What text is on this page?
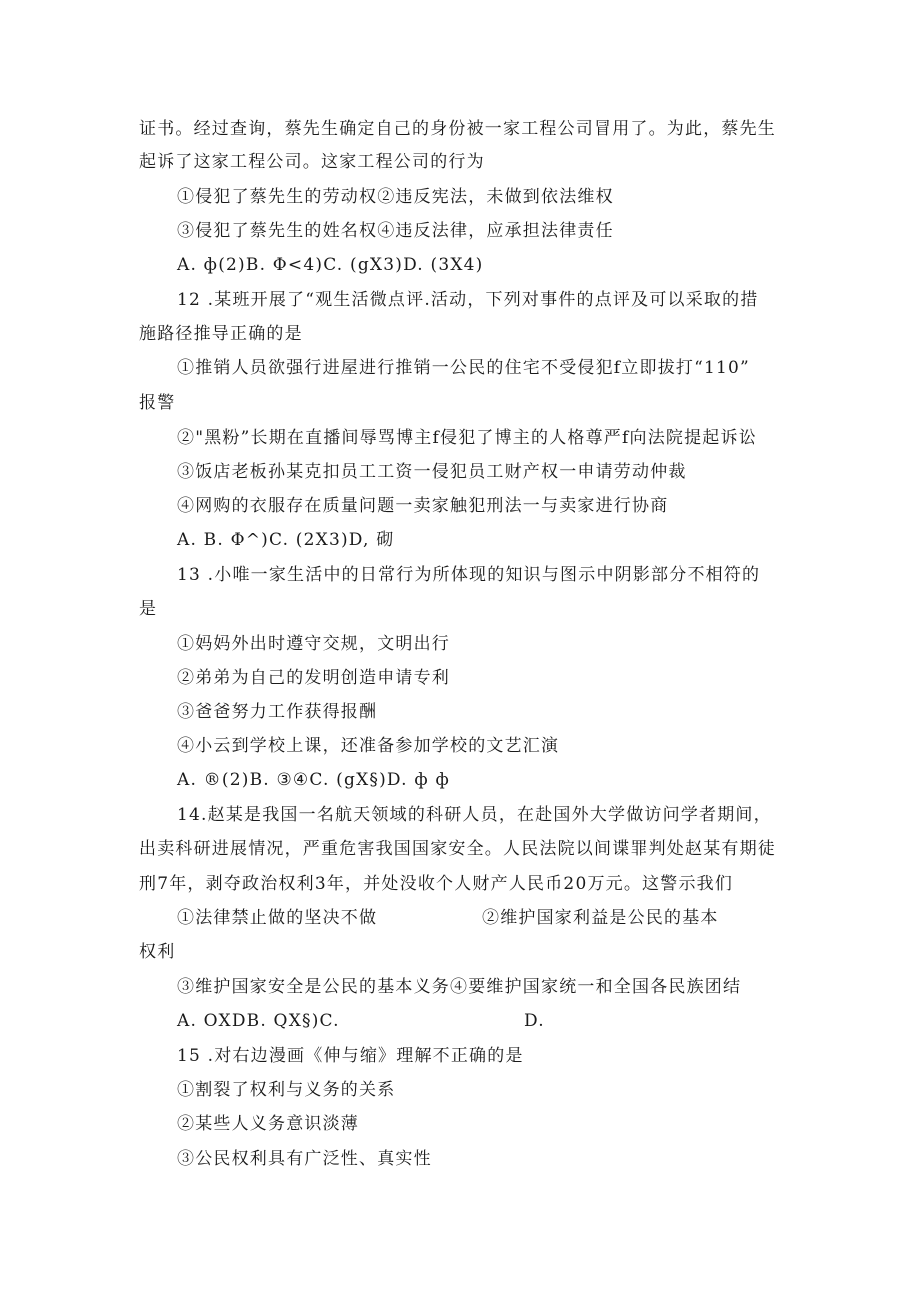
证书。经过查询，蔡先生确定自己的身份被一家工程公司冒用了。为此，蔡先生
起诉了这家工程公司。这家工程公司的行为
①侵犯了蔡先生的劳动权②违反宪法，未做到依法维权
③侵犯了蔡先生的姓名权④违反法律，应承担法律责任
A. ф(2)B. Φ<4)C. (gX3)D. (3X4)
12 .某班开展了“观生活微点评.活动，下列对事件的点评及可以采取的措
施路径推导正确的是
①推销人员欲强行进屋进行推销一公民的住宅不受侵犯f立即拔打“110”
报警
②"黑粉”长期在直播间辱骂博主f侵犯了博主的人格尊严f向法院提起诉讼
③饭店老板孙某克扣员工工资一侵犯员工财产权一申请劳动仲裁
④网购的衣服存在质量问题一卖家触犯刑法一与卖家进行协商
A. B. Φ^)C. (2X3)D, 砌
13 .小唯一家生活中的日常行为所体现的知识与图示中阴影部分不相符的
是
①妈妈外出时遵守交规，文明出行
②弟弟为自己的发明创造申请专利
③爸爸努力工作获得报酬
④小云到学校上课，还准备参加学校的文艺汇演
A. ®(2)B. ③④C. (gX§)D. ф ф
14.赵某是我国一名航天领域的科研人员，在赴国外大学做访问学者期间，
出卖科研进展情况，严重危害我国国家安全。人民法院以间谍罪判处赵某有期徒
刑7年，剥夺政治权利3年，并处没收个人财产人民币20万元。这警示我们
①法律禁止做的坚决不做	②维护国家利益是公民的基本
权利
③维护国家安全是公民的基本义务④要维护国家统一和全国各民族团结
A. OXDB. QX§)C.	D.
15 .对右边漫画《伸与缩》理解不正确的是
①割裂了权利与义务的关系
②某些人义务意识淡薄
③公民权利具有广泛性、真实性
